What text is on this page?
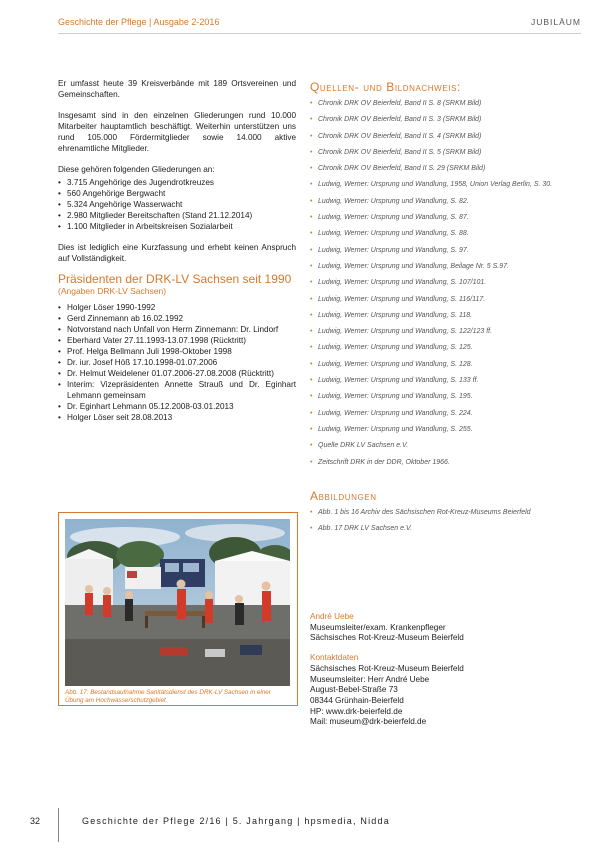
Geschichte der Pflege | Ausgabe 2-2016	JUBILÄUM

Er umfasst heute 39 Kreisverbände mit 189 Ortsvereinen und Gemeinschaften.

Insgesamt sind in den einzelnen Gliederungen rund 10.000 Mitarbeiter hauptamtlich beschäftigt. Weiterhin unterstützen uns rund 105.000 Fördermitglieder sowie 14.000 aktive ehrenamtliche Mitglieder.

Diese gehören folgenden Gliederungen an:
• 3.715 Angehörige des Jugendrotkreuzes
• 560 Angehörige Bergwacht
• 5.324 Angehörige Wasserwacht
• 2.980 Mitglieder Bereitschaften (Stand 21.12.2014)
• 1.100 Mitglieder in Arbeitskreisen Sozialarbeit

Dies ist lediglich eine Kurzfassung und erhebt keinen Anspruch auf Vollständigkeit.

Präsidenten der DRK-LV Sachsen seit 1990
(Angaben DRK-LV Sachsen)
• Holger Löser 1990-1992
• Gerd Zinnemann ab 16.02.1992
• Notvorstand nach Unfall von Herrn Zinnemann: Dr. Lindorf
• Eberhard Vater 27.11.1993-13.07.1998 (Rücktritt)
• Prof. Helga Bellmann Juli 1998-Oktober 1998
• Dr. iur. Josef Höß 17.10.1998-01.07.2006
• Dr. Helmut Weidelener 01.07.2006-27.08.2008 (Rücktritt)
• Interim: Vizepräsidenten Annette Strauß und Dr. Eginhart Lehmann gemeinsam
• Dr. Eginhart Lehmann 05.12.2008-03.01.2013
• Holger Löser seit 28.08.2013
Abb. 17: Bestandsaufnahme Sanitätsdienst des DRK-LV Sachsen in einer Übung am Hochwasserschutzgebiet
Quellen- und Bildnachweis:
• Chronik DRK OV Beierfeld, Band II S. 8 (SRKM Bild)
• Chronik DRK OV Beierfeld, Band II S. 3 (SRKM Bild)
• Chronik DRK OV Beierfeld, Band II S. 4 (SRKM Bild)
• Chronik DRK OV Beierfeld, Band II S. 5 (SRKM Bild)
• Chronik DRK OV Beierfeld, Band II S. 29 (SRKM Bild)
• Ludwig, Werner: Ursprung und Wandlung, 1958, Union Verlag Berlin, S. 30.
• Ludwig, Werner: Ursprung und Wandlung, S. 82.
• Ludwig, Werner: Ursprung und Wandlung, S. 87.
• Ludwig, Werner: Ursprung und Wandlung, S. 88.
• Ludwig, Werner: Ursprung und Wandlung, S. 97.
• Ludwig, Werner: Ursprung und Wandlung, Beilage Nr. 5 S.97.
• Ludwig, Werner: Ursprung und Wandlung, S. 107/101.
• Ludwig, Werner: Ursprung und Wandlung, S. 116/117.
• Ludwig, Werner: Ursprung und Wandlung, S. 118.
• Ludwig, Werner: Ursprung und Wandlung, S. 122/123 ff.
• Ludwig, Werner: Ursprung und Wandlung, S. 125.
• Ludwig, Werner: Ursprung und Wandlung, S. 128.
• Ludwig, Werner: Ursprung und Wandlung, S. 133 ff.
• Ludwig, Werner: Ursprung und Wandlung, S. 195.
• Ludwig, Werner: Ursprung und Wandlung, S. 224.
• Ludwig, Werner: Ursprung und Wandlung, S. 255.
• Quelle DRK LV Sachsen e.V.
• Zeitschrift DRK in der DDR, Oktober 1966.
Abbildungen
• Abb. 1 bis 16 Archiv des Sächsischen Rot-Kreuz-Museums Beierfeld
• Abb. 17 DRK LV Sachsen e.V.
André Uebe
Museumsleiter/exam. Krankenpfleger
Sächsisches Rot-Kreuz-Museum Beierfeld
Kontaktdaten
Sächsisches Rot-Kreuz-Museum Beierfeld
Museumsleiter: Herr André Uebe
August-Bebel-Straße 73
08344 Grünhain-Beierfeld
HP: www.drk-beierfeld.de
Mail: museum@drk-beierfeld.de
32	Geschichte der Pflege 2/16 | 5. Jahrgang | hpsmedia, Nidda
